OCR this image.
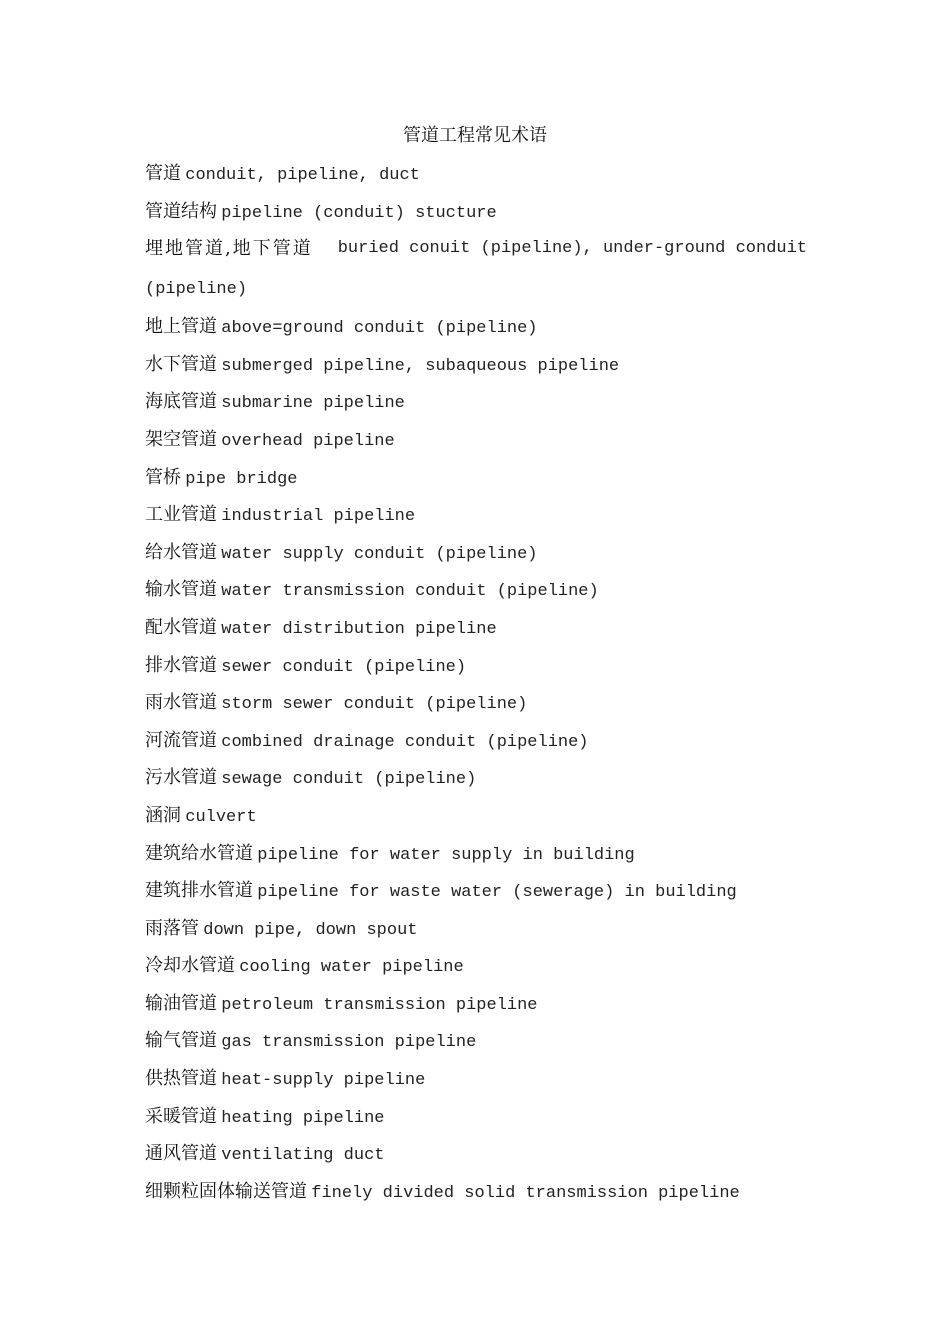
管道工程常见术语
管道 conduit, pipeline, duct
管道结构 pipeline (conduit) stucture
埋地管道,地下管道 buried conuit (pipeline), under-ground conduit
(pipeline)
地上管道 above=ground conduit (pipeline)
水下管道 submerged pipeline, subaqueous pipeline
海底管道 submarine pipeline
架空管道 overhead pipeline
管桥 pipe bridge
工业管道 industrial pipeline
给水管道 water supply conduit (pipeline)
输水管道 water transmission conduit (pipeline)
配水管道 water distribution pipeline
排水管道 sewer conduit (pipeline)
雨水管道 storm sewer conduit (pipeline)
河流管道 combined drainage conduit (pipeline)
污水管道 sewage conduit (pipeline)
涵洞 culvert
建筑给水管道 pipeline for water supply in building
建筑排水管道 pipeline for waste water (sewerage) in building
雨落管 down pipe, down spout
冷却水管道 cooling water pipeline
输油管道 petroleum transmission pipeline
输气管道 gas transmission pipeline
供热管道 heat-supply pipeline
采暖管道 heating pipeline
通风管道 ventilating duct
细颗粒固体输送管道 finely divided solid transmission pipeline
